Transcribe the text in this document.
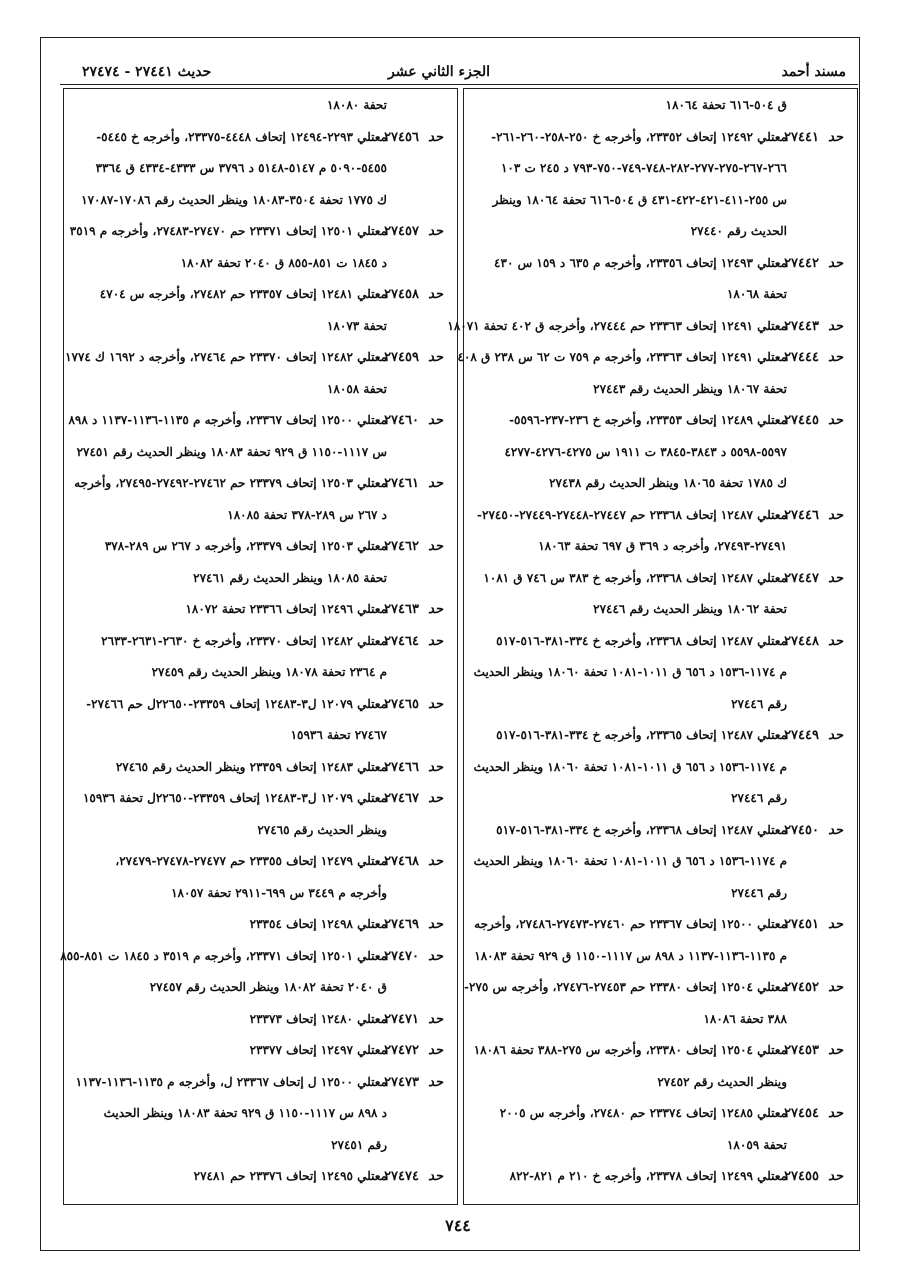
مسند أحمد
الجزء الثاني عشر
حديث ٢٧٤٤١ - ٢٧٤٧٤
ق ٥٠٤-٦١٦ تحفة ١٨٠٦٤
معتلي ١٢٤٩٢ إتحاف ٢٣٣٥٢، وأخرجه خ ٢٥٠-٢٥٨-٢٦٠-٢٦١-
٢٧٤٤١ حد
٢٦٦-٢٦٧-٢٧٥-٢٧٧-٢٨٢-٧٤٨-٧٤٩-٧٥٠-٧٩٣ د ٢٤٥ ت ١٠٣
س ٢٥٥-٤١١-٤٢١-٤٢٢-٤٣١ ق ٥٠٤-٦١٦ تحفة ١٨٠٦٤ وينظر
الحديث رقم ٢٧٤٤٠
معتلي ١٢٤٩٣ إتحاف ٢٣٣٥٦، وأخرجه م ٦٣٥ د ١٥٩ س ٤٣٠
٢٧٤٤٢ حد
تحفة ١٨٠٦٨
معتلي ١٢٤٩١ إتحاف ٢٣٣٦٣ حم ٢٧٤٤٤، وأخرجه ق ٤٠٢ تحفة ١٨٠٧١
٢٧٤٤٣ حد
معتلي ١٢٤٩١ إتحاف ٢٣٣٦٣، وأخرجه م ٧٥٩ ت ٦٢ س ٢٣٨ ق ٤٠٨
٢٧٤٤٤ حد
تحفة ١٨٠٦٧ وينظر الحديث رقم ٢٧٤٤٣
معتلي ١٢٤٨٩ إتحاف ٢٣٣٥٣، وأخرجه خ ٢٣٦-٢٣٧-٥٥٩٦-
٢٧٤٤٥ حد
٥٥٩٧-٥٥٩٨ د ٣٨٤٣-٣٨٤٥ ت ١٩١١ س ٤٢٧٥-٤٢٧٦-٤٢٧٧
ك ١٧٨٥ تحفة ١٨٠٦٥ وينظر الحديث رقم ٢٧٤٣٨
معتلي ١٢٤٨٧ إتحاف ٢٣٣٦٨ حم ٢٧٤٤٧-٢٧٤٤٨-٢٧٤٤٩-٢٧٤٥٠-
٢٧٤٤٦ حد
٢٧٤٩١-٢٧٤٩٣، وأخرجه د ٣٦٩ ق ٦٩٧ تحفة ١٨٠٦٣
معتلي ١٢٤٨٧ إتحاف ٢٣٣٦٨، وأخرجه خ ٣٨٣ س ٧٤٦ ق ١٠٨١
٢٧٤٤٧ حد
تحفة ١٨٠٦٢ وينظر الحديث رقم ٢٧٤٤٦
معتلي ١٢٤٨٧ إتحاف ٢٣٣٦٨، وأخرجه خ ٣٣٤-٣٨١-٥١٦-٥١٧
٢٧٤٤٨ حد
م ١١٧٤-١٥٣٦ د ٦٥٦ ق ١٠١١-١٠٨١ تحفة ١٨٠٦٠ وينظر الحديث
رقم ٢٧٤٤٦
معتلي ١٢٤٨٧ إتحاف ٢٣٣٦٥، وأخرجه خ ٣٣٤-٣٨١-٥١٦-٥١٧
٢٧٤٤٩ حد
م ١١٧٤-١٥٣٦ د ٦٥٦ ق ١٠١١-١٠٨١ تحفة ١٨٠٦٠ وينظر الحديث
رقم ٢٧٤٤٦
معتلي ١٢٤٨٧ إتحاف ٢٣٣٦٨، وأخرجه خ ٣٣٤-٣٨١-٥١٦-٥١٧
٢٧٤٥٠ حد
م ١١٧٤-١٥٣٦ د ٦٥٦ ق ١٠١١-١٠٨١ تحفة ١٨٠٦٠ وينظر الحديث
رقم ٢٧٤٤٦
معتلي ١٢٥٠٠ إتحاف ٢٣٣٦٧ حم ٢٧٤٦٠-٢٧٤٧٣-٢٧٤٨٦، وأخرجه
٢٧٤٥١ حد
م ١١٣٥-١١٣٦-١١٣٧ د ٨٩٨ س ١١١٧-١١٥٠ ق ٩٢٩ تحفة ١٨٠٨٣
معتلي ١٢٥٠٤ إتحاف ٢٣٣٨٠ حم ٢٧٤٥٣-٢٧٤٧٦، وأخرجه س ٢٧٥-
٢٧٤٥٢ حد
٣٨٨ تحفة ١٨٠٨٦
معتلي ١٢٥٠٤ إتحاف ٢٣٣٨٠، وأخرجه س ٢٧٥-٣٨٨ تحفة ١٨٠٨٦
٢٧٤٥٣ حد
وينظر الحديث رقم ٢٧٤٥٢
معتلي ١٢٤٨٥ إتحاف ٢٣٣٧٤ حم ٢٧٤٨٠، وأخرجه س ٢٠٠٥
٢٧٤٥٤ حد
تحفة ١٨٠٥٩
معتلي ١٢٤٩٩ إتحاف ٢٣٣٧٨، وأخرجه خ ٢١٠ م ٨٢١-٨٢٢
٢٧٤٥٥ حد
تحفة ١٨٠٨٠
معتلي ٢٢٩٣-١٢٤٩٤ إتحاف ٤٤٤٨-٢٣٣٧٥، وأخرجه خ ٥٤٤٥-
٢٧٤٥٦ حد
٥٤٥٥-٥٠٩٠ م ٥١٤٧-٥١٤٨ د ٣٧٩٦ س ٤٣٣٣-٤٣٣٤ ق ٣٣٦٤
ك ١٧٧٥ تحفة ٣٥٠٤-١٨٠٨٣ وينظر الحديث رقم ١٧٠٨٦-١٧٠٨٧
معتلي ١٢٥٠١ إتحاف ٢٣٣٧١ حم ٢٧٤٧٠-٢٧٤٨٣، وأخرجه م ٣٥١٩
٢٧٤٥٧ حد
د ١٨٤٥ ت ٨٥١-٨٥٥ ق ٢٠٤٠ تحفة ١٨٠٨٢
معتلي ١٢٤٨١ إتحاف ٢٣٣٥٧ حم ٢٧٤٨٢، وأخرجه س ٤٧٠٤
٢٧٤٥٨ حد
تحفة ١٨٠٧٣
معتلي ١٢٤٨٢ إتحاف ٢٣٣٧٠ حم ٢٧٤٦٤، وأخرجه د ١٦٩٢ ك ١٧٧٤
٢٧٤٥٩ حد
تحفة ١٨٠٥٨
معتلي ١٢٥٠٠ إتحاف ٢٣٣٦٧، وأخرجه م ١١٣٥-١١٣٦-١١٣٧ د ٨٩٨
٢٧٤٦٠ حد
س ١١١٧-١١٥٠ ق ٩٢٩ تحفة ١٨٠٨٣ وينظر الحديث رقم ٢٧٤٥١
معتلي ١٢٥٠٣ إتحاف ٢٣٣٧٩ حم ٢٧٤٦٢-٢٧٤٩٢-٢٧٤٩٥، وأخرجه
٢٧٤٦١ حد
د ٢٦٧ س ٢٨٩-٣٧٨ تحفة ١٨٠٨٥
معتلي ١٢٥٠٣ إتحاف ٢٣٣٧٩، وأخرجه د ٢٦٧ س ٢٨٩-٣٧٨
٢٧٤٦٢ حد
تحفة ١٨٠٨٥ وينظر الحديث رقم ٢٧٤٦١
معتلي ١٢٤٩٦ إتحاف ٢٣٣٦٦ تحفة ١٨٠٧٢
٢٧٤٦٣ حد
معتلي ١٢٤٨٢ إتحاف ٢٣٣٧٠، وأخرجه خ ٢٦٣٠-٢٦٣١-٢٦٣٣
٢٧٤٦٤ حد
م ٢٣٦٤ تحفة ١٨٠٧٨ وينظر الحديث رقم ٢٧٤٥٩
معتلي ١٢٠٧٩ ل٣-١٢٤٨٣ إتحاف ٢٣٣٥٩-٢٢٦٥٠ل حم ٢٧٤٦٦-
٢٧٤٦٥ حد
٢٧٤٦٧ تحفة ١٥٩٣٦
معتلي ١٢٤٨٣ إتحاف ٢٣٣٥٩ وينظر الحديث رقم ٢٧٤٦٥
٢٧٤٦٦ حد
معتلي ١٢٠٧٩ ل٣-١٢٤٨٣ إتحاف ٢٣٣٥٩-٢٢٦٥٠ل تحفة ١٥٩٣٦
٢٧٤٦٧ حد
وينظر الحديث رقم ٢٧٤٦٥
معتلي ١٢٤٧٩ إتحاف ٢٣٣٥٥ حم ٢٧٤٧٧-٢٧٤٧٨-٢٧٤٧٩،
٢٧٤٦٨ حد
وأخرجه م ٣٤٤٩ س ٦٩٩-٢٩١١ تحفة ١٨٠٥٧
معتلي ١٢٤٩٨ إتحاف ٢٣٣٥٤
٢٧٤٦٩ حد
معتلي ١٢٥٠١ إتحاف ٢٣٣٧١، وأخرجه م ٣٥١٩ د ١٨٤٥ ت ٨٥١-٨٥٥
٢٧٤٧٠ حد
ق ٢٠٤٠ تحفة ١٨٠٨٢ وينظر الحديث رقم ٢٧٤٥٧
معتلي ١٢٤٨٠ إتحاف ٢٣٣٧٣
٢٧٤٧١ حد
معتلي ١٢٤٩٧ إتحاف ٢٣٣٧٧
٢٧٤٧٢ حد
معتلي ١٢٥٠٠ ل إتحاف ٢٣٣٦٧ ل، وأخرجه م ١١٣٥-١١٣٦-١١٣٧
٢٧٤٧٣ حد
د ٨٩٨ س ١١١٧-١١٥٠ ق ٩٢٩ تحفة ١٨٠٨٣ وينظر الحديث
رقم ٢٧٤٥١
معتلي ١٢٤٩٥ إتحاف ٢٣٣٧٦ حم ٢٧٤٨١
٢٧٤٧٤ حد
٧٤٤
